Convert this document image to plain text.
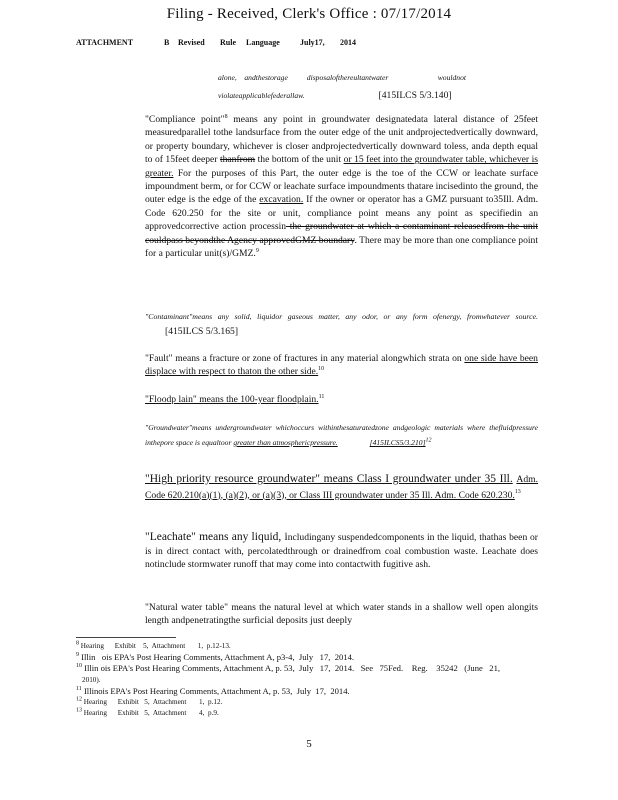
Filing - Received, Clerk's Office : 07/17/2014
ATTACHMENT	B	Revised	Rule	Language	July17,	2014
alone,    andthestorage          disposalofthereultantwater                          wouldnot
violateapplicablefederallaw.	[415ILCS 5/3.140]
"Compliance point"$^8$ means any point in groundwater designatedata lateral distance of 25feet measuredparallel tothe landsurface from the outer edge of the unit andprojectedvertically downward, or property boundary, whichever is closer andprojectedvertically downward toless, anda depth equal to of 15feet deeper thanfrom the bottom of the unit or 15 feet into the groundwater table, whichever is greater. For the purposes of this Part, the outer edge is the toe of the CCW or leachate surface impoundment berm, or for CCW or leachate surface impoundments thatare incisedinto the ground, the outer edge is the edge of the excavation. If the owner or operator has a GMZ pursuant to35Ill. Adm. Code 620.250 for the site or unit, compliance point means any point as specifiedin an approvedcorrective action processin the groundwater at which a contaminant releasedfrom the unit couldpass beyondthe Agency approvedGMZ boundary. There may be more than one compliance point for a particular unit(s)/GMZ.$^9$
"Contaminant"means any solid, liquidor gaseous matter, any odor, or any form ofenergy, fromwhatever source. [415ILCS 5/3.165]
"Fault" means a fracture or zone of fractures in any material alongwhich strata on one side have been displace with respect to thaton the other side.$^{10}$
"Floodp lain" means the 100-year floodplain.$^{11}$
"Groundwater"means undergroundwater whichoccurs withinthesaturatedzone andgeologic materials where thefluidpressure inthepore space is equaltoor greater than atmosphericpressure.	[415ILCS5/3.210]$^{12}$
"High priority resource groundwater" means Class I groundwater under 35 Ill. Adm. Code 620.210(a)(1), (a)(2), or (a)(3), or Class III groundwater under 35 Ill. Adm. Code 620.230.13
"Leachate" means any liquid, includingany suspendedcomponents in the liquid, thathas been or is in direct contact with, percolatedthrough or drainedfrom coal combustion waste. Leachate does notinclude stormwater runoff that may come into contactwith fugitive ash.
"Natural water table" means the natural level at which water stands in a shallow well open alongits length andpenetratingthe surficial deposits just deeply
$^8$ Hearing      Exhibit    5,  Attachment       1,  p.12-13.
$^9$ Illin   ois EPA's Post Hearing Comments, Attachment A, p3-4,  July   17,  2014.
$^{10}$ Illin ois EPA's Post Hearing Comments, Attachment A, p. 53,  July   17,  2014.   See   75Fed.    Reg.    35242   (June   21,
2010).
$^{11}$ Illinois EPA's Post Hearing Comments, Attachment A, p. 53,  July  17,  2014.
$^{12}$ Hearing      Exhibit   5,  Attachment       1,  p.12.
$^{13}$ Hearing      Exhibit   5,  Attachment       4,  p.9.
5
